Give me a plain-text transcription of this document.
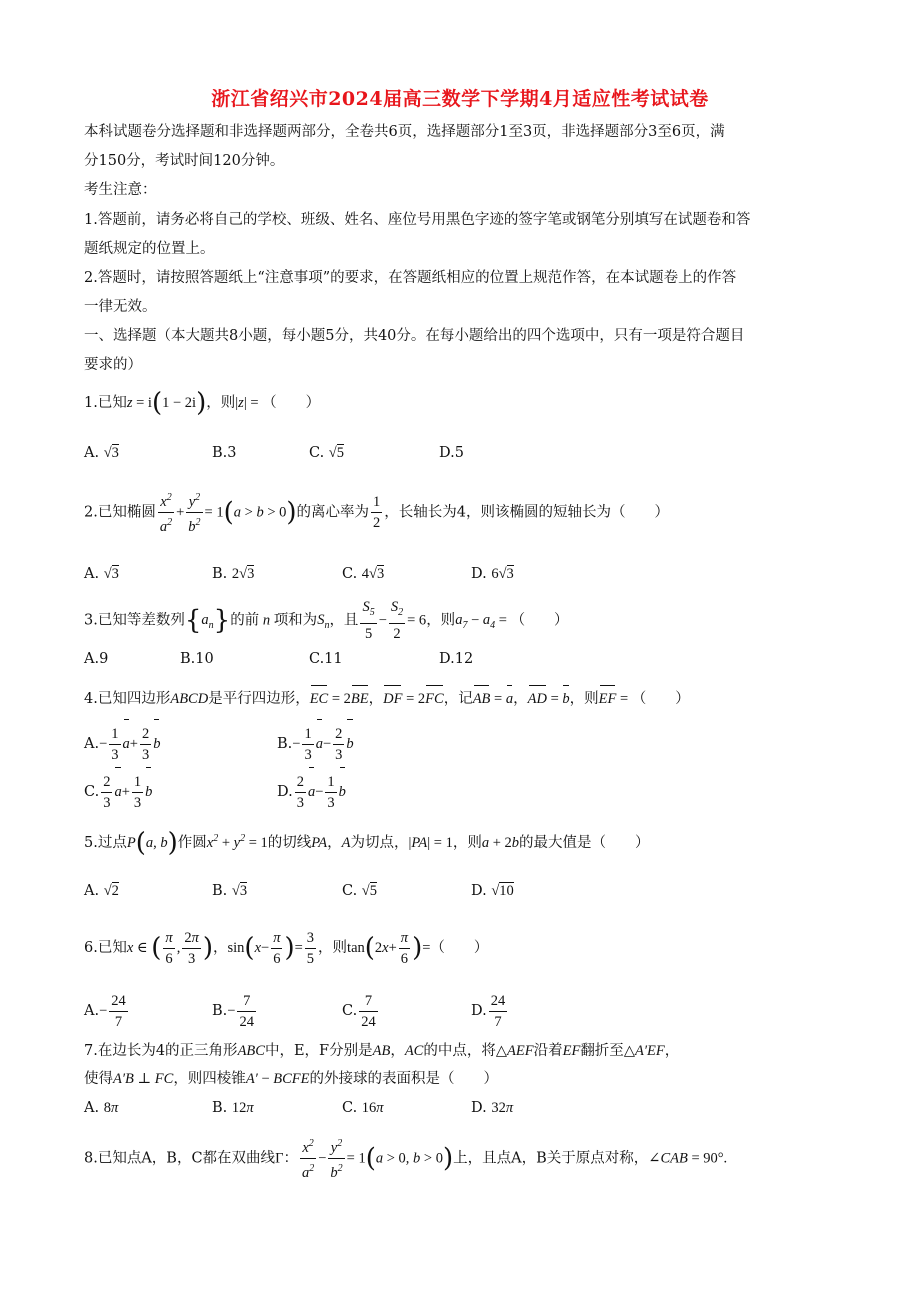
浙江省绍兴市2024届高三数学下学期4月适应性考试试卷
本科试题卷分选择题和非选择题两部分，全卷共6页，选择题部分1至3页，非选择题部分3至6页，满
分150分，考试时间120分钟。
考生注意：
1.答题前，请务必将自己的学校、班级、姓名、座位号用黑色字迹的签字笔或钢笔分别填写在试题卷和答
题纸规定的位置上。
2.答题时，请按照答题纸上“注意事项”的要求，在答题纸相应的位置上规范作答，在本试题卷上的作答
一律无效。
一、选择题（本大题共8小题，每小题5分，共40分。在每小题给出的四个选项中，只有一项是符合题目
要求的）
1.已知z = i(1 − 2i)，则|z| = （　　）
A. √3	B.3	C. √5	D.5
2.已知椭圆 $\frac{x^2}{a^2} + \frac{y^2}{b^2} = 1(a > b > 0)$的离心率为 $\frac{1}{2}$ ，长轴长为4，则该椭圆的短轴长为（　　）
A. √3	B. 2√3	C. 4√3	D. 6√3
3.已知等差数列$\{a_n\}$的前 n 项和为$S_n$，且 $\frac{S_5}{5} - \frac{S_2}{2} = 6$，则$a_7 - a_4$ = （　　）
A.9	B.10	C.11	D.12
4.已知四边形ABCD是平行四边形，EC = 2BE，DF = 2FC，记AB = a，AD = b，则EF = （　　）
$A.- \frac{1}{3} a+ \frac{2}{3}$ b	$B.- \frac{1}{3} a- \frac{2}{3}$ b
C. $\frac{2}{3} a+ \frac{1}{3}$ b	D. $\frac{2}{3} a- \frac{1}{3}$ b
5.过点P(a, b)作圆$x^2 + y^2 = 1$的切线PA，A为切点，|PA| = 1，则a + 2b的最大值是（　　）
A. √2	B. √3	C. √5	D. √10
6.已知x ∈ ( $\frac{\pi}{6}$ , $\frac{2\pi}{3}$ )，$\sin(x- \frac{\pi}{6}$ )= $\frac{3}{5}$ ，则$\tan(2x+ \frac{\pi}{6}$ )=（　　）
$A.- \frac{24}{7}$	$B.- \frac{7}{24}$	C. $\frac{7}{24}$	D. $\frac{24}{7}$
7.在边长为4的正三角形ABC中，E，F分别是AB，AC的中点，将△AEF沿着EF翻折至△A′EF，
使得A′B ⊥ FC，则四棱锥A′ − BCFE的外接球的表面积是（　　）
A. 8π	B. 12π	C. 16π	D. 32π
8.已知点A，B，C都在双曲线Γ： $\frac{x^2}{a^2} - \frac{y^2}{b^2} = 1(a > 0$, b > 0)上，且点A，B关于原点对称，∠CAB = 90°.
